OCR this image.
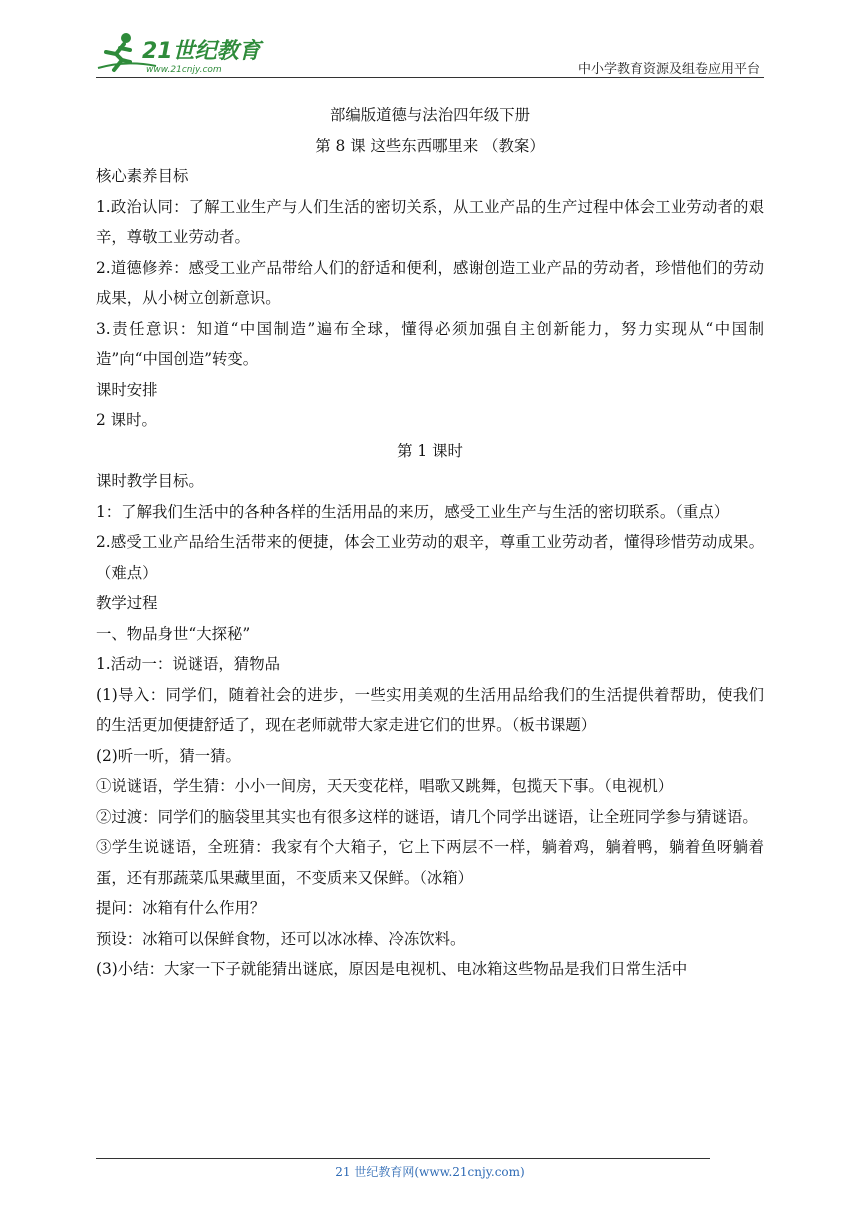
21世纪教育
www.21cnjy.com	中小学教育资源及组卷应用平台

部编版道德与法治四年级下册

第 8 课 这些东西哪里来 （教案）

核心素养目标

1.政治认同：了解工业生产与人们生活的密切关系，从工业产品的生产过程中体会工业劳动者的艰辛，尊敬工业劳动者。

2.道德修养：感受工业产品带给人们的舒适和便利，感谢创造工业产品的劳动者，珍惜他们的劳动成果，从小树立创新意识。

3.责任意识：知道“中国制造”遍布全球，懂得必须加强自主创新能力，努力实现从“中国制造”向“中国创造”转变。

课时安排

2 课时。

第 1 课时

课时教学目标。

1：了解我们生活中的各种各样的生活用品的来历，感受工业生产与生活的密切联系。（重点）

2.感受工业产品给生活带来的便捷，体会工业劳动的艰辛，尊重工业劳动者，懂得珍惜劳动成果。（难点）

教学过程

一、物品身世“大探秘”

1.活动一：说谜语，猜物品

(1)导入：同学们，随着社会的进步，一些实用美观的生活用品给我们的生活提供着帮助，使我们的生活更加便捷舒适了，现在老师就带大家走进它们的世界。（板书课题）

(2)听一听，猜一猜。

①说谜语，学生猜：小小一间房，天天变花样，唱歌又跳舞，包揽天下事。（电视机）

②过渡：同学们的脑袋里其实也有很多这样的谜语，请几个同学出谜语，让全班同学参与猜谜语。

③学生说谜语，全班猜：我家有个大箱子，它上下两层不一样，躺着鸡，躺着鸭，躺着鱼呀躺着蛋，还有那蔬菜瓜果藏里面，不变质来又保鲜。（冰箱）

提问：冰箱有什么作用？

预设：冰箱可以保鲜食物，还可以冰冰棒、冷冻饮料。

(3)小结：大家一下子就能猜出谜底，原因是电视机、电冰箱这些物品是我们日常生活中

21 世纪教育网(www.21cnjy.com)
